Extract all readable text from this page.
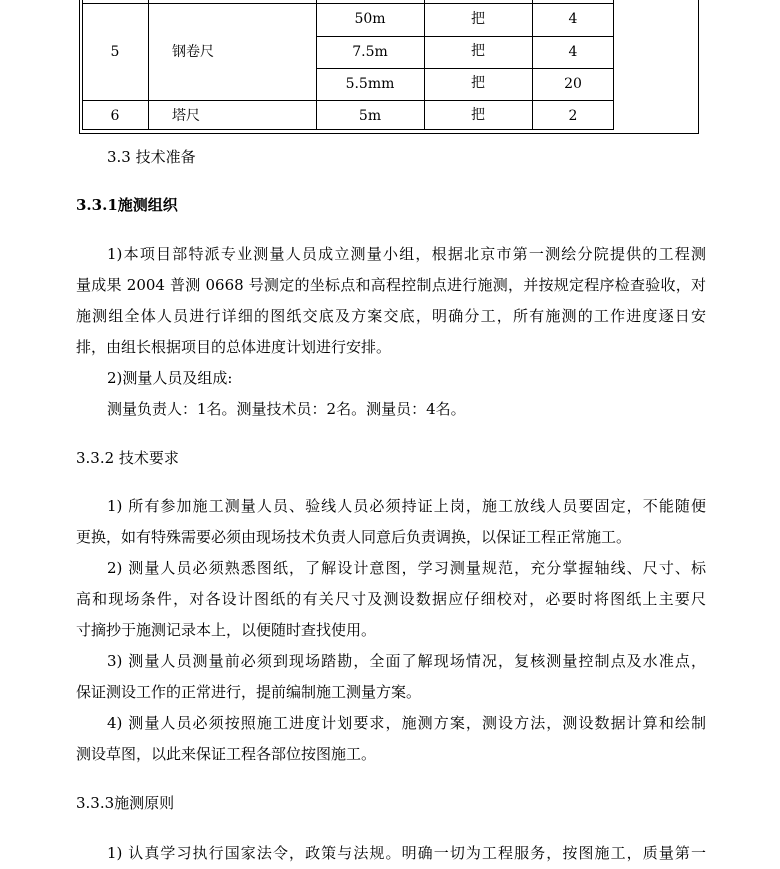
50m	把	4
5	钢卷尺	7.5m	把	4
5.5mm	把	20
6	塔尺	5m	把	2
3.3 技术准备
3.3.1施测组织
1)本项目部特派专业测量人员成立测量小组，根据北京市第一测绘分院提供的工程测
量成果 2004 普测 0668 号测定的坐标点和高程控制点进行施测，并按规定程序检查验收，对
施测组全体人员进行详细的图纸交底及方案交底，明确分工，所有施测的工作进度逐日安
排，由组长根据项目的总体进度计划进行安排。
2)测量人员及组成:
测量负责人：1名。测量技术员：2名。测量员：4名。
3.3.2 技术要求
1) 所有参加施工测量人员、验线人员必须持证上岗，施工放线人员要固定，不能随便
更换，如有特殊需要必须由现场技术负责人同意后负责调换，以保证工程正常施工。
2) 测量人员必须熟悉图纸，了解设计意图，学习测量规范，充分掌握轴线、尺寸、标
高和现场条件，对各设计图纸的有关尺寸及测设数据应仔细校对，必要时将图纸上主要尺
寸摘抄于施测记录本上，以便随时查找使用。
3) 测量人员测量前必须到现场踏勘，全面了解现场情况，复核测量控制点及水准点，
保证测设工作的正常进行，提前编制施工测量方案。
4) 测量人员必须按照施工进度计划要求，施测方案，测设方法，测设数据计算和绘制
测设草图，以此来保证工程各部位按图施工。
3.3.3施测原则
1) 认真学习执行国家法令，政策与法规。明确一切为工程服务，按图施工，质量第一
